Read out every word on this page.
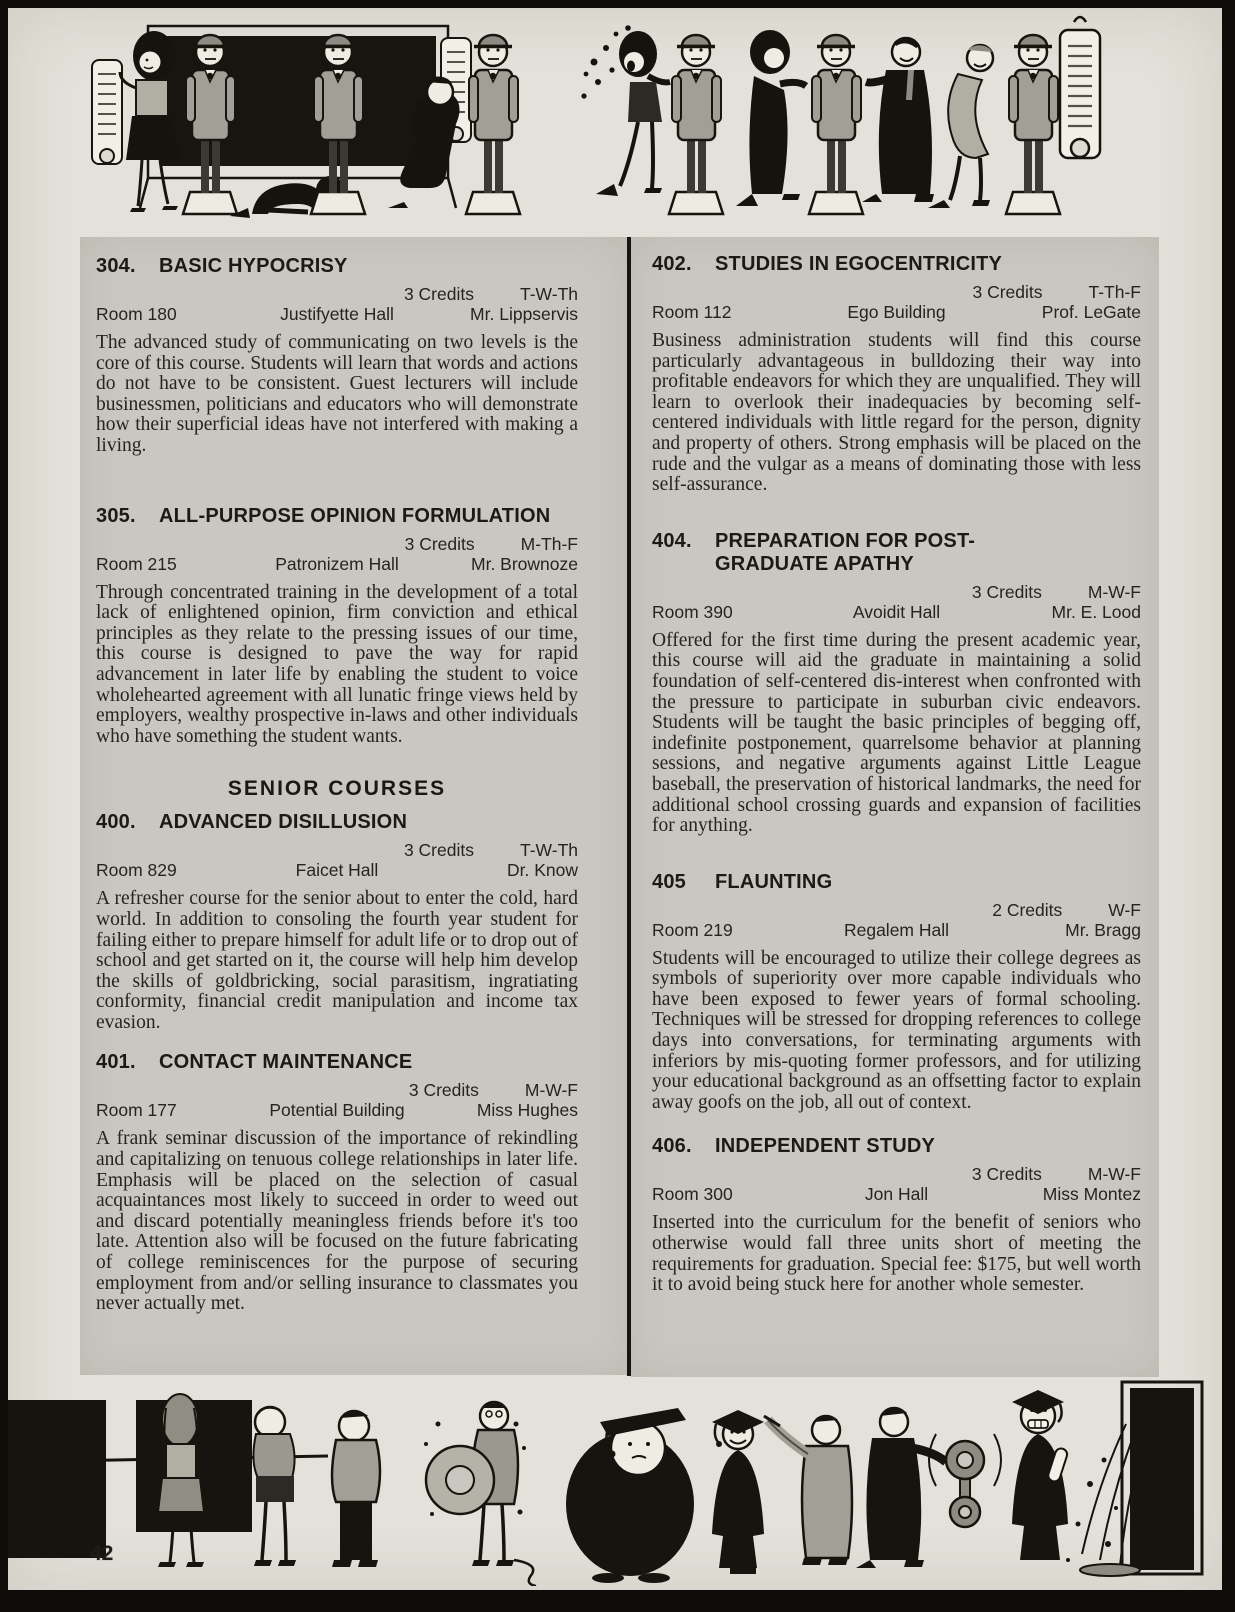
304.	BASIC HYPOCRISY
3 Credits	T-W-Th
Room 180	Justifyette Hall	Mr. Lippservis

The advanced study of communicating on two levels is the core of this course. Students will learn that words and actions do not have to be consistent. Guest lecturers will include businessmen, politicians and educators who will demonstrate how their superficial ideas have not interfered with making a living.

305.	ALL-PURPOSE OPINION FORMULATION
3 Credits	M-Th-F
Room 215	Patronizem Hall	Mr. Brownoze

Through concentrated training in the development of a total lack of enlightened opinion, firm conviction and ethical principles as they relate to the pressing issues of our time, this course is designed to pave the way for rapid advancement in later life by enabling the student to voice wholehearted agreement with all lunatic fringe views held by employers, wealthy prospective in-laws and other individuals who have something the student wants.

SENIOR COURSES
400.	ADVANCED DISILLUSION
3 Credits	T-W-Th
Room 829	Faicet Hall	Dr. Know

A refresher course for the senior about to enter the cold, hard world. In addition to consoling the fourth year student for failing either to prepare himself for adult life or to drop out of school and get started on it, the course will help him develop the skills of goldbricking, social parasitism, ingratiating conformity, financial credit manipulation and income tax evasion.

401.	CONTACT MAINTENANCE
3 Credits	M-W-F
Room 177	Potential Building	Miss Hughes

A frank seminar discussion of the importance of rekindling and capitalizing on tenuous college relationships in later life. Emphasis will be placed on the selection of casual acquaintances most likely to succeed in order to weed out and discard potentially meaningless friends before it's too late. Attention also will be focused on the future fabricating of college reminiscences for the purpose of securing employment from and/or selling insurance to classmates you never actually met.

402.	STUDIES IN EGOCENTRICITY
3 Credits	T-Th-F
Room 112	Ego Building	Prof. LeGate

Business administration students will find this course particularly advantageous in bulldozing their way into profitable endeavors for which they are unqualified. They will learn to overlook their inadequacies by becoming self-centered individuals with little regard for the person, dignity and property of others. Strong emphasis will be placed on the rude and the vulgar as a means of dominating those with less self-assurance.

404.	PREPARATION FOR POST-GRADUATE APATHY
3 Credits	M-W-F
Room 390	Avoidit Hall	Mr. E. Lood

Offered for the first time during the present academic year, this course will aid the graduate in maintaining a solid foundation of self-centered dis-interest when confronted with the pressure to participate in suburban civic endeavors. Students will be taught the basic principles of begging off, indefinite postponement, quarrelsome behavior at planning sessions, and negative arguments against Little League baseball, the preservation of historical landmarks, the need for additional school crossing guards and expansion of facilities for anything.

405	FLAUNTING
2 Credits	W-F
Room 219	Regalem Hall	Mr. Bragg

Students will be encouraged to utilize their college degrees as symbols of superiority over more capable individuals who have been exposed to fewer years of formal schooling. Techniques will be stressed for dropping references to college days into conversations, for terminating arguments with inferiors by mis-quoting former professors, and for utilizing your educational background as an offsetting factor to explain away goofs on the job, all out of context.

406.	INDEPENDENT STUDY
3 Credits	M-W-F
Room 300	Jon Hall	Miss Montez

Inserted into the curriculum for the benefit of seniors who otherwise would fall three units short of meeting the requirements for graduation. Special fee: $175, but well worth it to avoid being stuck here for another whole semester.

42
